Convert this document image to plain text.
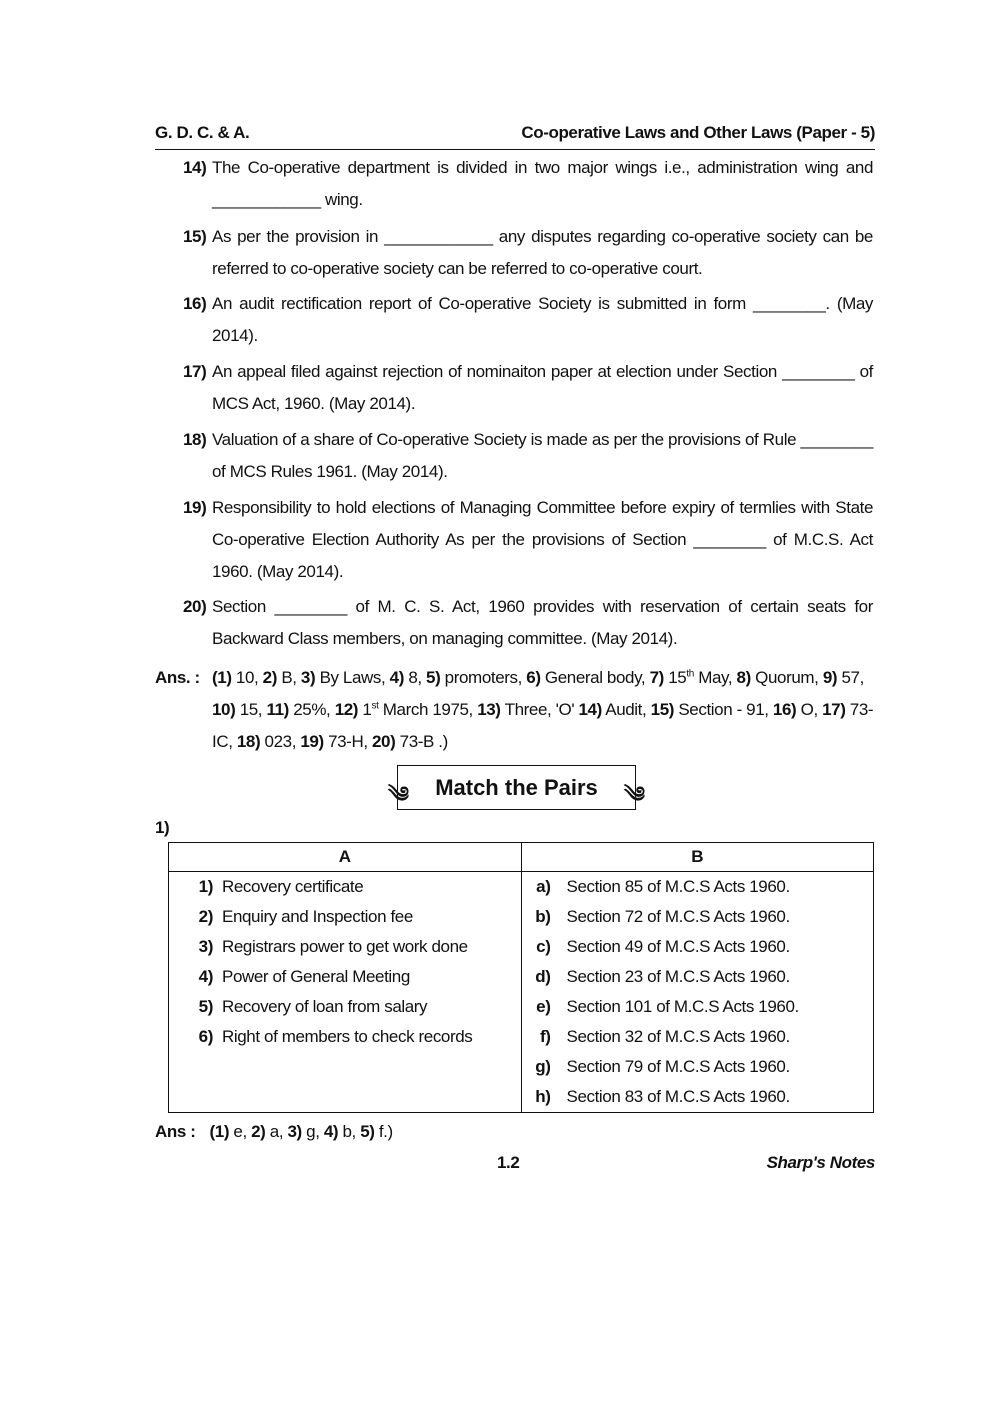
G. D. C. & A.	Co-operative Laws and Other Laws (Paper - 5)
14) The Co-operative department is divided in two major wings i.e., administration wing and ____________ wing.
15) As per the provision in ____________ any disputes regarding co-operative society can be referred to co-operative society can be referred to co-operative court.
16) An audit rectification report of Co-operative Society is submitted in form ________. (May 2014).
17) An appeal filed against rejection of nominaiton paper at election under Section ________ of MCS Act, 1960. (May 2014).
18) Valuation of a share of Co-operative Society is made as per the provisions of Rule ________ of MCS Rules 1961. (May 2014).
19) Responsibility to hold elections of Managing Committee before expiry of termlies with State Co-operative Election Authority As per the provisions of Section ________ of M.C.S. Act 1960. (May 2014).
20) Section ________ of M. C. S. Act, 1960 provides with reservation of certain seats for Backward Class members, on managing committee. (May 2014).
Ans. : (1) 10, 2) B, 3) By Laws, 4) 8, 5) promoters, 6) General body, 7) 15th May, 8) Quorum, 9) 57, 10) 15, 11) 25%, 12) 1st March 1975, 13) Three, 'O' 14) Audit, 15) Section - 91, 16) O, 17) 73-IC, 18) 023, 19) 73-H, 20) 73-B .)
༄ Match the Pairs ༄
1)
A	B

1) Recovery certificate	a) Section 85 of M.C.S Acts 1960.

2) Enquiry and Inspection fee	b) Section 72 of M.C.S Acts 1960.

3) Registrars power to get work done	c) Section 49 of M.C.S Acts 1960.

4) Power of General Meeting	d) Section 23 of M.C.S Acts 1960.

5) Recovery of loan from salary	e) Section 101 of M.C.S Acts 1960.

6) Right of members to check records	f) Section 32 of M.C.S Acts 1960.

	g) Section 79 of M.C.S Acts 1960.

	h) Section 83 of M.C.S Acts 1960.
Ans : (1) e, 2) a, 3) g, 4) b, 5) f.)
1.2	Sharp's Notes
